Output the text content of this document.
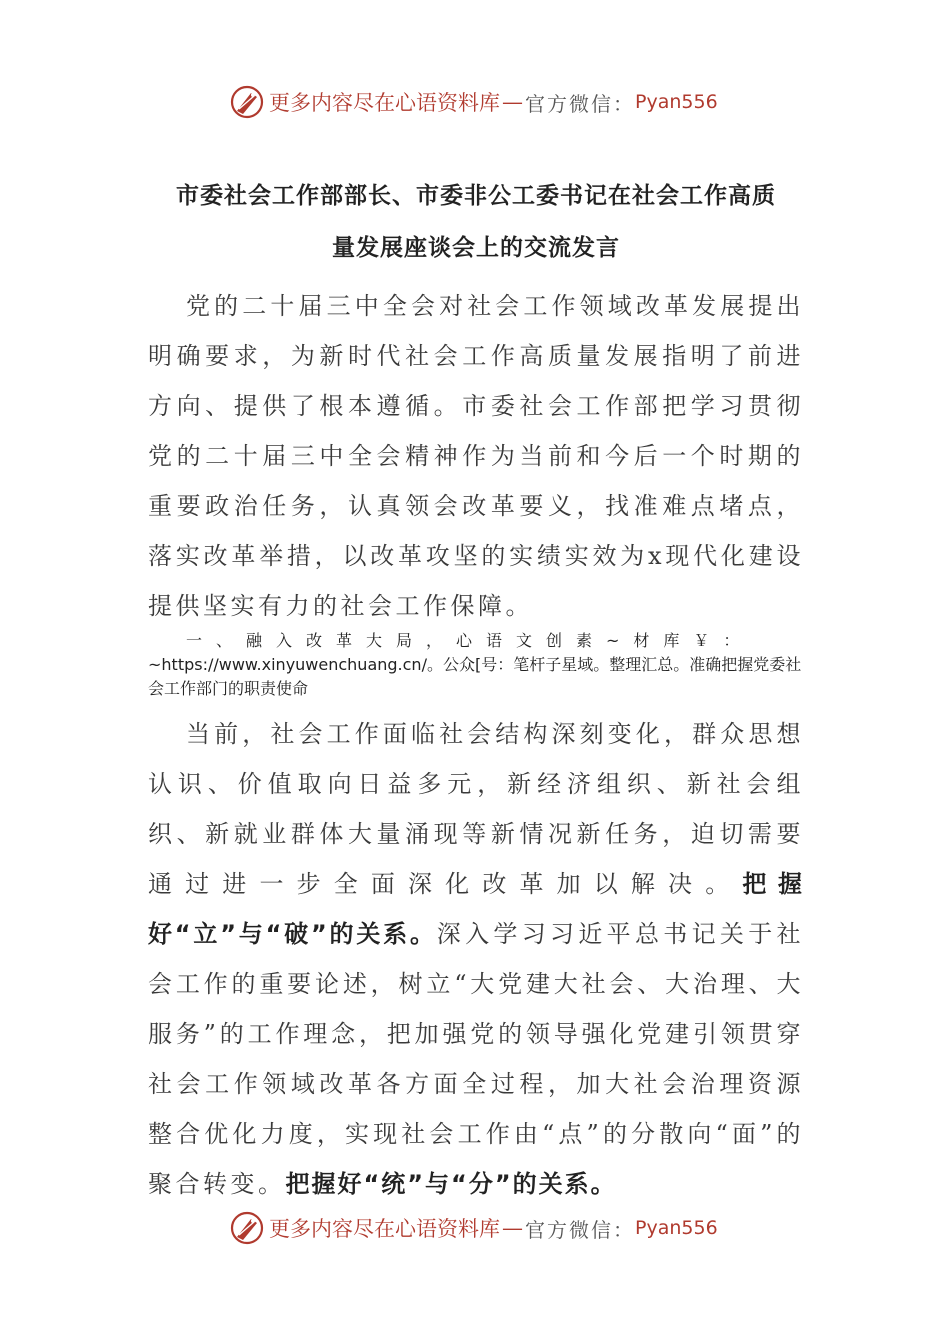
更多内容尽在心语资料库 — 官方微信： Pyan556
市委社会工作部部长、市委非公工委书记在社会工作高质
量发展座谈会上的交流发言

党的二十届三中全会对社会工作领域改革发展提出明确要求，为新时代社会工作高质量发展指明了前进方向、提供了根本遵循。市委社会工作部把学习贯彻党的二十届三中全会精神作为当前和今后一个时期的重要政治任务，认真领会改革要义，找准难点堵点，落实改革举措，以改革攻坚的实绩实效为x现代化建设提供坚实有力的社会工作保障。

一、融入改革大局，心语文创素~材库￥：~https://www.xinyuwenchuang.cn/。公众[号：笔杆子星域。整理汇总。准确把握党委社会工作部门的职责使命

当前，社会工作面临社会结构深刻变化，群众思想认识、价值取向日益多元，新经济组织、新社会组织、新就业群体大量涌现等新情况新任务，迫切需要通过进一步全面深化改革加以解决。把握好“立”与“破”的关系。深入学习习近平总书记关于社会工作的重要论述，树立“大党建大社会、大治理、大服务”的工作理念，把加强党的领导强化党建引领贯穿社会工作领域改革各方面全过程，加大社会治理资源整合优化力度，实现社会工作由“点”的分散向“面”的聚合转变。把握好“统”与“分”的关系。

更多内容尽在心语资料库 — 官方微信： Pyan556
